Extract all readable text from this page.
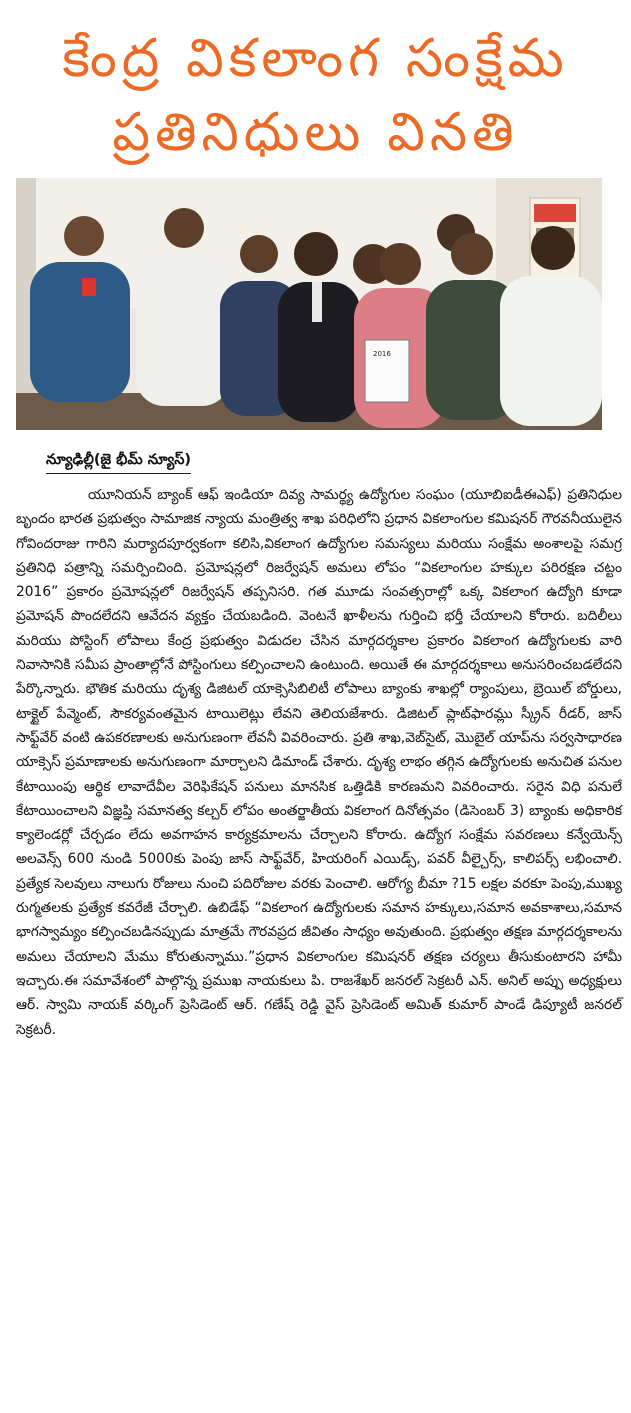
కేంద్ర వికలాంగ సంక్షేమ
ప్రతినిధులు వినతి
2016
న్యూఢిల్లీ(జై భీమ్ న్యూస్)

యూనియన్ బ్యాంక్ ఆఫ్ ఇండియా దివ్య సామర్థ్య ఉద్యోగుల సంఘం (యూబిఐడీఈఎఫ్) ప్రతినిధుల బృందం భారత ప్రభుత్వం సామాజిక న్యాయ మంత్రిత్వ శాఖ పరిధిలోని ప్రధాన వికలాంగుల కమిషనర్ గౌరవనీయులైన గోవిందరాజు గారిని మర్యాదపూర్వకంగా కలిసి,వికలాంగ ఉద్యోగుల సమస్యలు మరియు సంక్షేమ అంశాలపై సమగ్ర ప్రతినిధి పత్రాన్ని సమర్పించింది. ప్రమోషన్లలో రిజర్వేషన్ అమలు లోపం “వికలాంగుల హక్కుల పరిరక్షణ చట్టం 2016” ప్రకారం ప్రమోషన్లలో రిజర్వేషన్ తప్పనిసరి. గత మూడు సంవత్సరాల్లో ఒక్క వికలాంగ ఉద్యోగి కూడా ప్రమోషన్ పొందలేదని ఆవేదన వ్యక్తం చేయబడింది. వెంటనే ఖాళీలను గుర్తించి భర్తీ చేయాలని కోరారు. బదిలీలు మరియు పోస్టింగ్ లోపాలు కేంద్ర ప్రభుత్వం విడుదల చేసిన మార్గదర్శకాల ప్రకారం వికలాంగ ఉద్యోగులకు వారి నివాసానికి సమీప ప్రాంతాల్లోనే పోస్టింగులు కల్పించాలని ఉంటుంది. అయితే ఈ మార్గదర్శకాలు అనుసరించబడలేదని పేర్కొన్నారు. భౌతిక మరియు దృశ్య డిజిటల్ యాక్సెసిబిలిటీ లోపాలు బ్యాంకు శాఖల్లో ర్యాంపులు, బ్రెయిల్ బోర్డులు, టాక్టైల్ పేవ్మెంట్, సౌకర్యవంతమైన టాయిలెట్లు లేవని తెలియజేశారు. డిజిటల్ ప్లాట్‌ఫారమ్లు స్క్రీన్ రీడర్, జాస్ సాఫ్ట్‌వేర్ వంటి ఉపకరణాలకు అనుగుణంగా లేవనీ వివరించారు. ప్రతి శాఖ,వెబ్‌సైట్, మొబైల్ యాప్‌ను సర్వసాధారణ యాక్సెస్ ప్రమాణాలకు అనుగుణంగా మార్చాలని డిమాండ్ చేశారు. దృశ్య లాభం తగ్గిన ఉద్యోగులకు అనుచిత పనుల కేటాయింపు ఆర్థిక లావాదేవీల వెరిఫికేషన్ పనులు మానసిక ఒత్తిడికి కారణమని వివరించారు. సరైన విధి పనులే కేటాయించాలని విజ్ఞప్తి సమానత్వ కల్చర్ లోపం అంతర్జాతీయ వికలాంగ దినోత్సవం (డిసెంబర్ 3) బ్యాంకు అధికారిక క్యాలెండర్లో చేర్చడం లేదు అవగాహన కార్యక్రమాలను చేర్చాలని కోరారు. ఉద్యోగ సంక్షేమ సవరణలు కన్వేయెన్స్ అలవెన్స్ 600 నుండి 5000కు పెంపు జాస్ సాఫ్ట్‌వేర్, హియరింగ్ ఎయిడ్స్, పవర్ వీల్చైర్స్, కాలిపర్స్ లభించాలి. ప్రత్యేక సెలవులు నాలుగు రోజులు నుంచి పదిరోజుల వరకు పెంచాలి. ఆరోగ్య బీమా ?15 లక్షల వరకూ పెంపు,ముఖ్య రుగ్మతలకు ప్రత్యేక కవరేజీ చేర్చాలి. ఉబిడేఫ్ “వికలాంగ ఉద్యోగులకు సమాన హక్కులు,సమాన అవకాశాలు,సమాన భాగస్వామ్యం కల్పించబడినప్పుడు మాత్రమే గౌరవప్రద జీవితం సాధ్యం అవుతుంది. ప్రభుత్వం తక్షణ మార్గదర్శకాలను అమలు చేయాలని మేము కోరుతున్నాము.”ప్రధాన వికలాంగుల కమిషనర్ తక్షణ చర్యలు తీసుకుంటారని హామీ ఇచ్చారు.ఈ సమావేశంలో పాల్గొన్న ప్రముఖ నాయకులు పి. రాజశేఖర్ జనరల్ సెక్రటరీ ఎన్. అనిల్ అప్పు అధ్యక్షులు ఆర్. స్వామి నాయక్ వర్కింగ్ ప్రెసిడెంట్ ఆర్. గణేష్ రెడ్డి వైస్ ప్రెసిడెంట్ అమిత్ కుమార్ పాండే డిప్యూటీ జనరల్ సెక్రటరీ.
